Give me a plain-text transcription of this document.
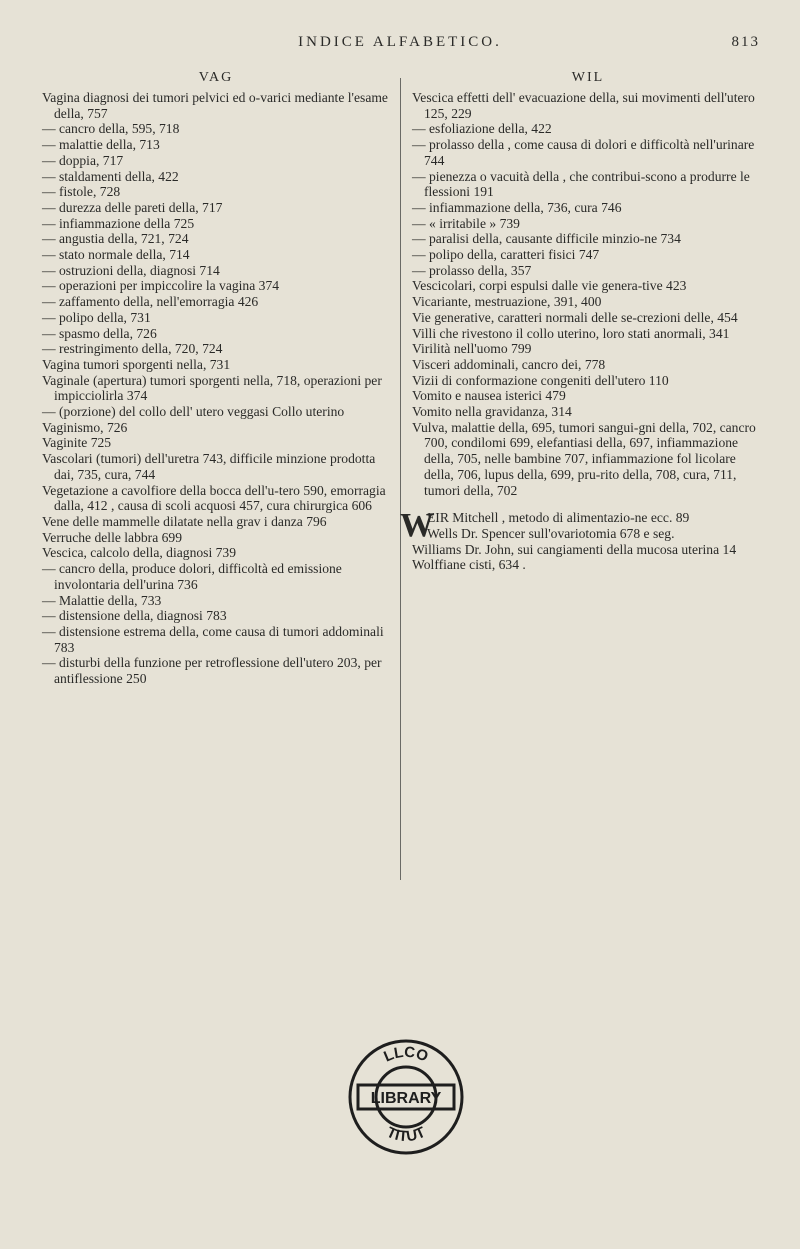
INDICE ALFABETICO.	813
VAG

Vagina diagnosi dei tumori pelvici ed o-varici mediante l'esame della, 757

— cancro della, 595, 718

— malattie della, 713

— doppia, 717

— staldamenti della, 422

— fistole, 728

— durezza delle pareti della, 717

— infiammazione della 725

— angustia della, 721, 724

— stato normale della, 714

— ostruzioni della, diagnosi 714

— operazioni per impiccolire la vagina 374

— zaffamento della, nell'emorragia 426

— polipo della, 731

— spasmo della, 726

— restringimento della, 720, 724

Vagina tumori sporgenti nella, 731

Vaginale (apertura) tumori sporgenti nella, 718, operazioni per impicciolirla 374

— (porzione) del collo dell' utero veggasi Collo uterino

Vaginismo, 726

Vaginite 725

Vascolari (tumori) dell'uretra 743, difficile minzione prodotta dai, 735, cura, 744

Vegetazione a cavolfiore della bocca dell'u-tero 590, emorragia dalla, 412 , causa di scoli acquosi 457, cura chirurgica 606

Vene delle mammelle dilatate nella grav i danza 796

Verruche delle labbra 699

Vescica, calcolo della, diagnosi 739

— cancro della, produce dolori, difficoltà ed emissione involontaria dell'urina 736

— Malattie della, 733

— distensione della, diagnosi 783

— distensione estrema della, come causa di tumori addominali 783

— disturbi della funzione per retroflessione dell'utero 203, per antiflessione 250

WIL

Vescica effetti dell' evacuazione della, sui movimenti dell'utero 125, 229

— esfoliazione della, 422

— prolasso della , come causa di dolori e difficoltà nell'urinare 744

— pienezza o vacuità della , che contribui-scono a produrre le flessioni 191

— infiammazione della, 736, cura 746

— « irritabile » 739

— paralisi della, causante difficile minzio-ne 734

— polipo della, caratteri fisici 747

— prolasso della, 357

Vescicolari, corpi espulsi dalle vie genera-tive 423

Vicariante, mestruazione, 391, 400

Vie generative, caratteri normali delle se-crezioni delle, 454

Villi che rivestono il collo uterino, loro stati anormali, 341

Virilità nell'uomo 799

Visceri addominali, cancro dei, 778

Vizii di conformazione congeniti dell'utero 110

Vomito e nausea isterici 479

Vomito nella gravidanza, 314

Vulva, malattie della, 695, tumori sangui-gni della, 702, cancro 700, condilomi 699, elefantiasi della, 697, infiammazione della, 705, nelle bambine 707, infiammazione fol licolare della, 706, lupus della, 699, pru-rito della, 708, cura, 711, tumori della, 702

W
EIR Mitchell , metodo di alimentazio-ne ecc. 89

Wells Dr. Spencer sull'ovariotomia 678 e seg.

Williams Dr. John, sui cangiamenti della mucosa uterina 14

Wolffiane cisti, 634 .

LLCO
LIBRARY
TITUT
